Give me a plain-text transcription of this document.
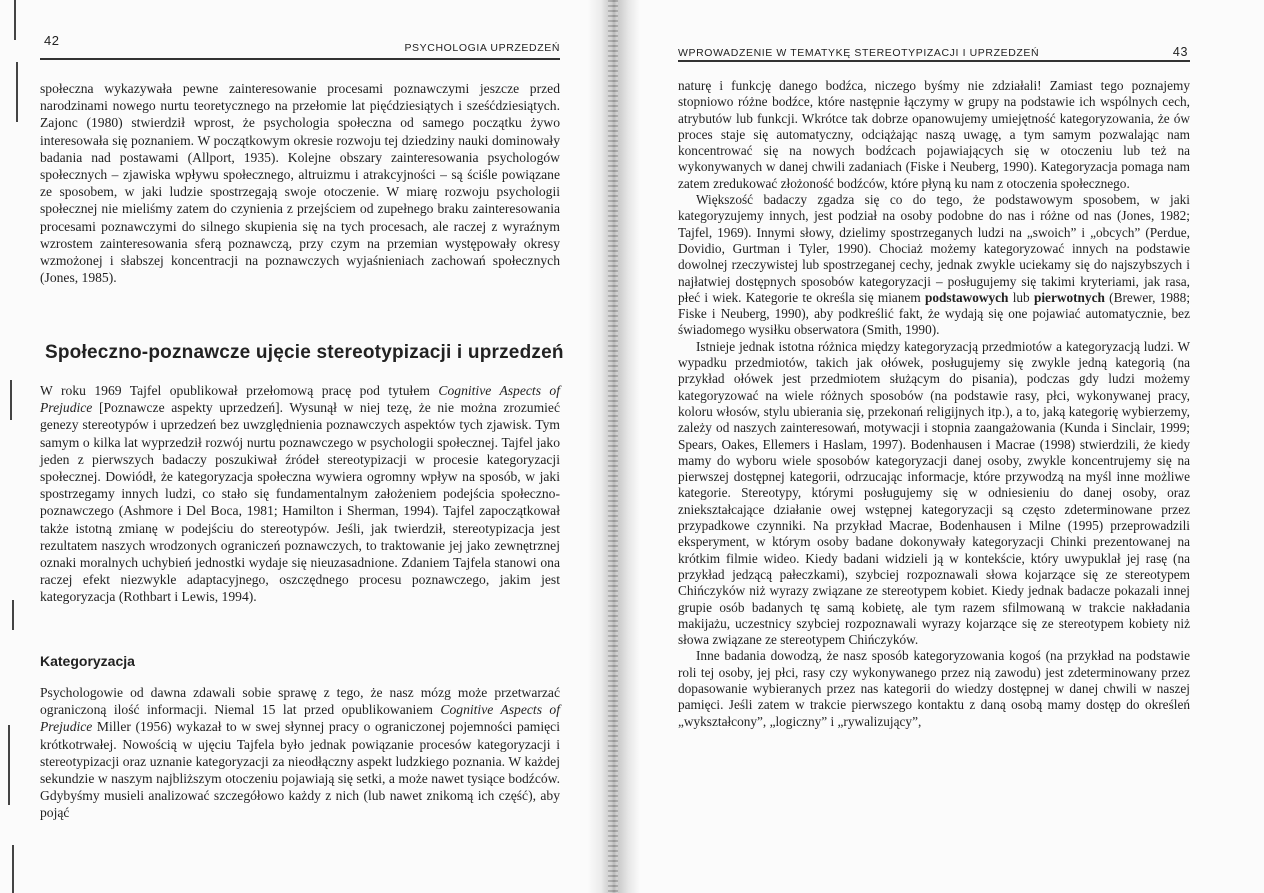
42	PSYCHOLOGIA UPRZEDZEŃ

społeczna wykazywała pewne zainteresowanie procesami poznawczymi jeszcze przed narodzinami nowego nurtu teoretycznego na przełomie lat pięćdziesiątych i sześćdziesiątych. Zajonc (1980) stwierdził wprost, że psychologia społeczna od samego początku żywo interesowała się poznaniem. W początkowym okresie rozwoju tej dziedziny nauki dominowały badania nad postawami (Allport, 1935). Kolejne obszary zainteresowania psychologów społecznych – zjawiska wpływu społecznego, altruizmu i atrakcyjności – są ściśle powiązane ze sposobem, w jaki ludzie spostrzegają swoje otoczenie. W miarę rozwoju psychologii społecznej nie mieliśmy zatem do czynienia z przejściem od zupełnego braku zainteresowania procesami poznawczymi do silnego skupienia się na tych procesach, ale raczej z wyraźnym wzrostem zainteresowania sferą poznawczą, przy czym na przemian występowały okresy wzmożonej i słabszej koncentracji na poznawczych wyjaśnieniach zachowań społecznych (Jones, 1985).

Społeczno-poznawcze ujęcie stereotypizacji i uprzedzeń

W roku 1969 Tajfel opublikował przełomową pracę pod tytułem Cognitive Aspects of Prejudice [Poznawcze aspekty uprzedzeń]. Wysunął w niej tezę, że nie można zrozumieć genezy stereotypów i uprzedzeń bez uwzględnienia poznawczych aspektów tych zjawisk. Tym samym o kilka lat wyprzedził rozwój nurtu poznawczego w psychologii społecznej. Tajfel jako jeden z pierwszych badaczy poszukiwał źródeł stereotypizacji w procesie kategoryzacji społecznej. Dowiódł, że kategoryzacja społeczna wywiera ogromny wpływ na sposób, w jaki spostrzegamy innych ludzi, co stało się fundamentalnym założeniem podejścia społeczno-poznawczego (Ashmore i Del Boca, 1981; Hamilton i Sherman, 1994). Tajfel zapoczątkował także istotną zmianę w podejściu do stereotypów. Jeśli, jak twierdził, stereotypizacja jest rezultatem naszych wrodzonych ograniczeń poznawczych, to traktowanie jej jako zewnętrznej oznaki moralnych uchybień jednostki wydaje się nieuzasadnione. Zdaniem Tajfela stanowi ona raczej efekt niezwykle adaptacyjnego, oszczędnego procesu poznawczego, jakim jest kategoryzacja (Rothbart i Lewis, 1994).

Kategoryzacja

Psychologowie od dawna zdawali sobie sprawę z tego, że nasz mózg może przetwarzać ograniczoną ilość informacji. Niemal 15 lat przed opublikowaniem Cognitive Aspects of Prejudice Miller (1956) wykazał to w swej słynnej pracy o ograniczonej pojemności pamięci krótkotrwałej. Nowością w ujęciu Tajfela było jednak powiązanie procesów kategoryzacji i stereotypizacji oraz uznanie kategoryzacji za nieodłączny aspekt ludzkiego poznania. W każdej sekundzie w naszym najbliższym otoczeniu pojawiają się setki, a może nawet tysiące bodźców. Gdybyśmy musieli analizować szczegółowo każdy z nich (lub nawet znikomą ich część), aby pojąć

WPROWADZENIE W TEMATYKĘ STEREOTYPIZACJI I UPRZEDZEŃ	43

naturę i funkcję danego bodźca, niczego byśmy nie zdziałali! Zamiast tego poznajemy stopniowo różne bodźce, które następnie łączymy w grupy na podstawie ich wspólnych cech, atrybutów lub funkcji. Wkrótce tak dobrze opanowujemy umiejętność kategoryzowania, że ów proces staje się automatyczny, odciążając naszą uwagę, a tym samym pozwalając nam koncentrować się na nowych bodźcach pojawiających się w otoczeniu lub też na wykonywanych w danej chwili zadaniach (Fiske i Neuberg, 1990). Kategoryzacja pomaga nam zatem zredukować złożoność bodźców, które płyną ku nam z otoczenia społecznego.

Większość badaczy zgadza się co do tego, że podstawowym sposobem, w jaki kategoryzujemy innych, jest podział na osoby podobne do nas i różne od nas (Jones, 1982; Tajfel, 1969). Innymi słowy, dzielimy spostrzeganych ludzi na „swoich” i „obcych” (Perdue, Dovidio, Gurtman i Tyler, 1990). Chociaż możemy kategoryzować innych na podstawie dowolnej rzeczywistej lub spostrzeganej cechy, jednak zwykle uciekamy się do najszybszych i najłatwiej dostępnych sposobów kategoryzacji – posługujemy się takimi kryteriami, jak rasa, płeć i wiek. Kategorie te określa się mianem podstawowych lub pierwotnych (Brewer, 1988; Fiske i Neuberg, 1990), aby podkreślić fakt, że wydają się one pojawiać automatycznie, bez świadomego wysiłku obserwatora (Smith, 1990).

Istnieje jednak istotna różnica między kategoryzacją przedmiotów a kategoryzacją ludzi. W wypadku przedmiotów, takich jak ołówek, posługujemy się zwykle jedną kategorią (na przykład ołówek jest przedmiotem służącym do pisania), podczas gdy ludzi możemy kategoryzować na wiele różnych sposobów (na podstawie rasy, płci, wykonywanej pracy, koloru włosów, stylu ubierania się, przekonań religijnych itp.), a to, jaką kategorię wybierzemy, zależy od naszych zainteresowań, motywacji i stopnia zaangażowania (Kunda i Sinclair, 1999; Spears, Oakes, Ellemers i Haslam, 1997). Bodenhausen i Macrae (1998) stwierdzili, że kiedy mamy do wyboru wiele sposobów kategoryzacji danej osoby, zwykle koncentrujemy się na pierwszej dostępnej kategorii, odrzucając informacje, które przywodzą na myśl inne możliwe kategorie. Stereotypy, którymi posługujemy się w odniesieniu do danej osoby, oraz zniekształcające działanie owej wstępnej kategoryzacji są często zdeterminowane przez przypadkowe czynniki. Na przykład Macrae, Bodenhausen i Milne (1995) przeprowadzili eksperyment, w którym osoby badane dokonywały kategoryzacji Chinki prezentowanej na krótkim filmie wideo. Kiedy badani widzieli ją w kontekście, który uwypuklał jej rasę (na przykład jedzącą pałeczkami), szybciej rozpoznawali słowa kojarzące się ze stereotypem Chińczyków niż wyrazy związane ze stereotypem kobiet. Kiedy jednak badacze pokazali innej grupie osób badanych tę samą kobietę, ale tym razem sfilmowaną w trakcie nakładania makijażu, uczestnicy szybciej rozpoznawali wyrazy kojarzące się ze stereotypem kobiety niż słowa związane ze stereotypem Chińczyków.

Inne badania dowodzą, że nasz sposób kategoryzowania kogoś (na przykład na podstawie roli tej osoby, jej płci, rasy czy wykonywanego przez nią zawodu) jest zdeterminowany przez dopasowanie wybieranych przez nas kategorii do wiedzy dostępnej w danej chwili w naszej pamięci. Jeśli zatem w trakcie pierwszego kontaktu z daną osobą mamy dostęp do określeń „wykształcony”, „logiczny” i „rywalizujący”,
